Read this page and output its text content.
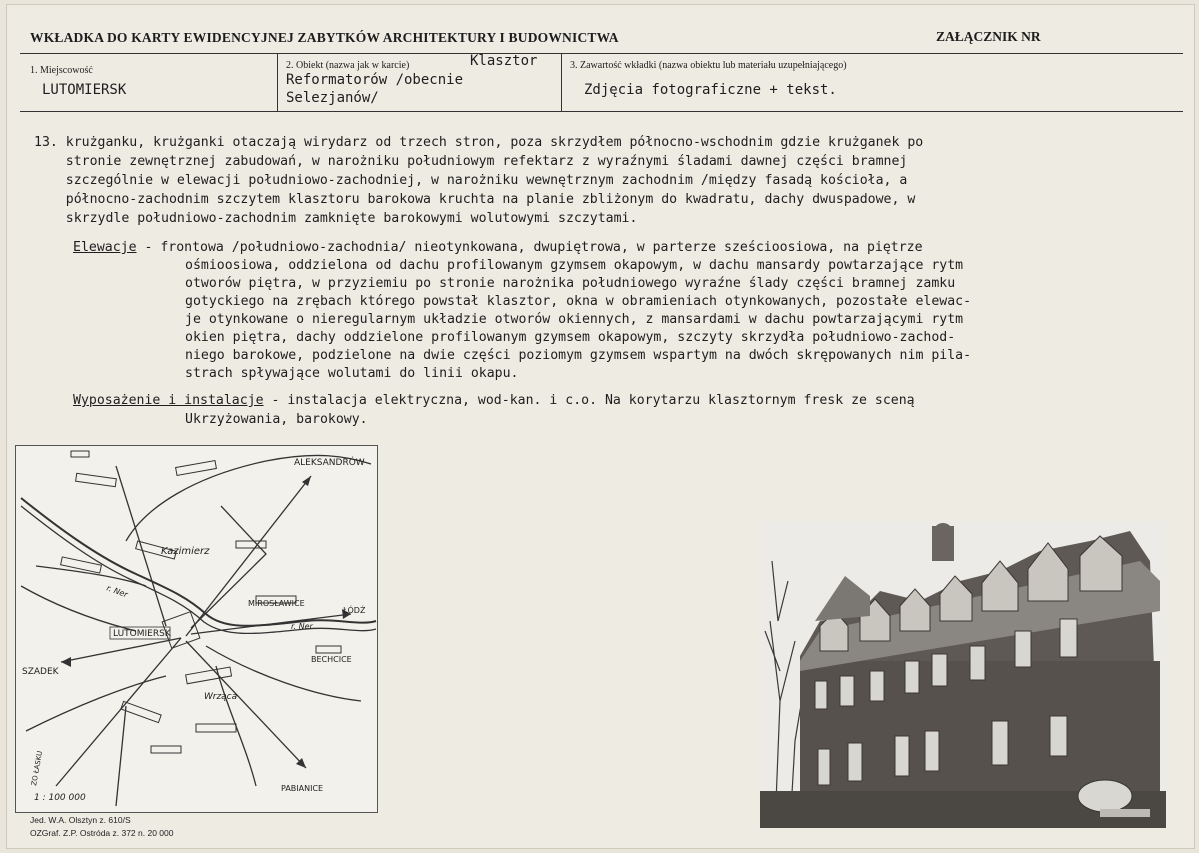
WKŁADKA DO KARTY EWIDENCYJNEJ ZABYTKÓW ARCHITEKTURY I BUDOWNICTWA	ZAŁĄCZNIK NR
1. Miejscowość
LUTOMIERSK
2. Obiekt (nazwa jak w karcie)	Klasztor
Reformatorów /obecnie
Selezjanów/
3. Zawartość wkładki (nazwa obiektu lub materiału uzupełniającego)
Zdjęcia fotograficzne + tekst.
13. krużganku, krużganki otaczają wirydarz od trzech stron, poza skrzydłem północno-wschodnim gdzie krużganek po
stronie zewnętrznej zabudowań, w narożniku południowym refektarz z wyraźnymi śladami dawnej części bramnej
szczególnie w elewacji południowo-zachodniej, w narożniku wewnętrznym zachodnim /między fasadą kościoła, a
północno-zachodnim szczytem klasztoru barokowa kruchta na planie zbliżonym do kwadratu, dachy dwuspadowe, w
skrzydle południowo-zachodnim zamknięte barokowymi wolutowymi szczytami.
Elewacje - frontowa /południowo-zachodnia/ nieotynkowana, dwupiętrowa, w parterze sześcioosiowa, na piętrze
ośmioosiowa, oddzielona od dachu profilowanym gzymsem okapowym, w dachu mansardy powtarzające rytm
otworów piętra, w przyziemiu po stronie narożnika południowego wyraźne ślady części bramnej zamku
gotyckiego na zrębach którego powstał klasztor, okna w obramieniach otynkowanych, pozostałe elewac-
je otynkowane o nieregularnym układzie otworów okiennych, z mansardami w dachu powtarzającymi rytm
okien piętra, dachy oddzielone profilowanym gzymsem okapowym, szczyty skrzydła południowo-zachod-
niego barokowe, podzielone na dwie części poziomym gzymsem wspartym na dwóch skrępowanych nim pila-
strach spływające wolutami do linii okapu.
Wyposażenie i instalacje - instalacja elektryczna, wod-kan. i c.o. Na korytarzu klasztornym fresk ze sceną
Ukrzyżowania, barokowy.
ALEKSANDRÓW
Kazimierz
r. Ner
MIROSŁAWICE
ŁÓDŹ
r. Ner
LUTOMIERSK
SZADEK
BECHCICE
Wrząca
ZO ŁASKU
PABIANICE
1 : 100 000
Jed. W.A. Olsztyn z. 610/S
OZGraf. Z.P. Ostróda z. 372 n. 20 000
